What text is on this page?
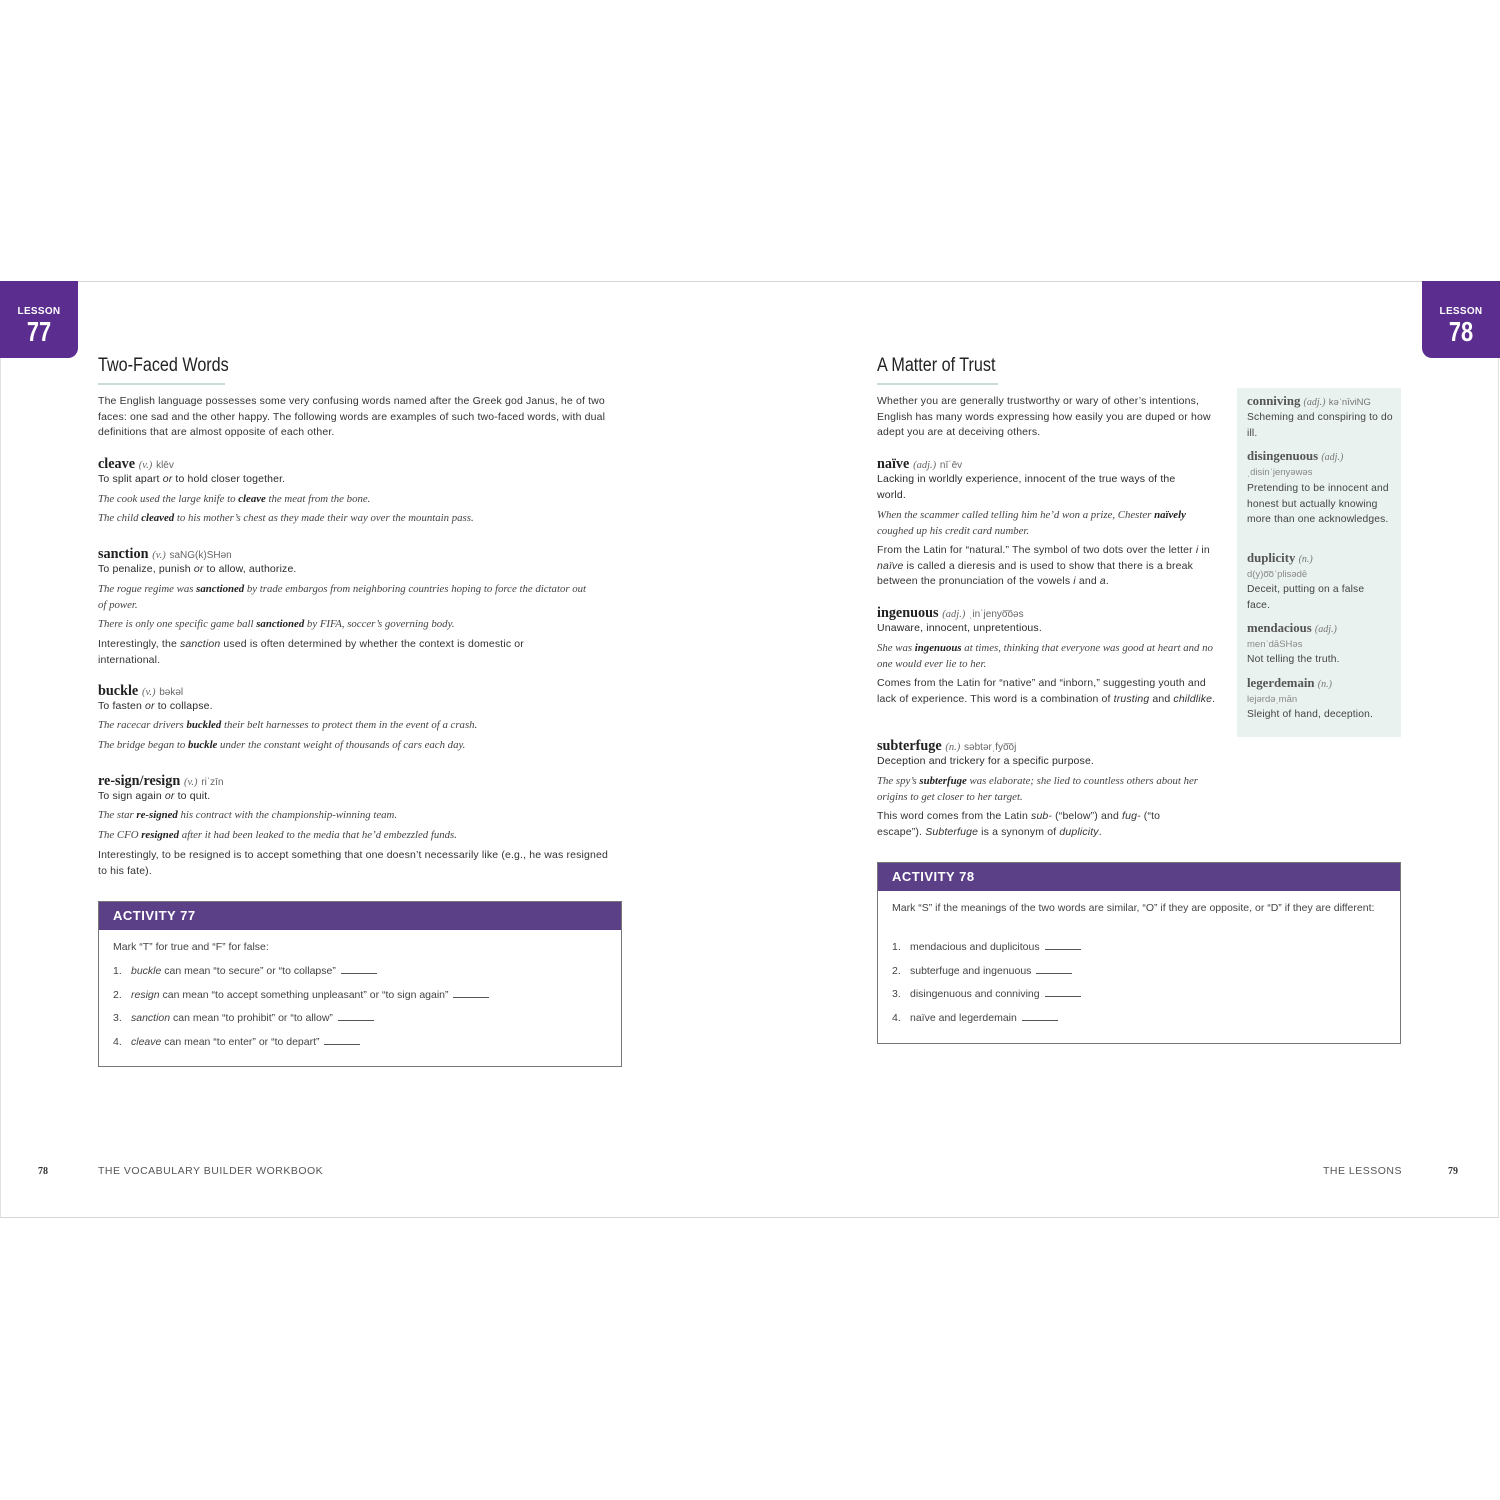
LESSON
77
Two-Faced Words
The English language possesses some very confusing words named after the Greek god Janus, he of two faces: one sad and the other happy. The following words are examples of such two-faced words, with dual definitions that are almost opposite of each other.
cleave (v.) klēv
To split apart or to hold closer together.
The cook used the large knife to cleave the meat from the bone.
The child cleaved to his mother’s chest as they made their way over the mountain pass.
sanction (v.) saNG(k)SHən
To penalize, punish or to allow, authorize.
The rogue regime was sanctioned by trade embargos from neighboring countries hoping to force the dictator out of power.
There is only one specific game ball sanctioned by FIFA, soccer’s governing body.
Interestingly, the sanction used is often determined by whether the context is domestic or international.
buckle (v.) bəkəl
To fasten or to collapse.
The racecar drivers buckled their belt harnesses to protect them in the event of a crash.
The bridge began to buckle under the constant weight of thousands of cars each day.
re-sign/resign (v.) riˈzīn
To sign again or to quit.
The star re-signed his contract with the championship-winning team.
The CFO resigned after it had been leaked to the media that he’d embezzled funds.
Interestingly, to be resigned is to accept something that one doesn’t necessarily like (e.g., he was resigned to his fate).
ACTIVITY 77
Mark “T” for true and “F” for false:
1. buckle can mean “to secure” or “to collapse”
2. resign can mean “to accept something unpleasant” or “to sign again”
3. sanction can mean “to prohibit” or “to allow”
4. cleave can mean “to enter” or “to depart”
78	THE VOCABULARY BUILDER WORKBOOK
LESSON
78
A Matter of Trust
Whether you are generally trustworthy or wary of other’s intentions, English has many words expressing how easily you are duped or how adept you are at deceiving others.
naïve (adj.) nīˈēv
Lacking in worldly experience, innocent of the true ways of the world.
When the scammer called telling him he’d won a prize, Chester naïvely coughed up his credit card number.
From the Latin for “natural.” The symbol of two dots over the letter i in naïve is called a dieresis and is used to show that there is a break between the pronunciation of the vowels i and a.
ingenuous (adj.) ˌinˈjenyo͞oəs
Unaware, innocent, unpretentious.
She was ingenuous at times, thinking that everyone was good at heart and no one would ever lie to her.
Comes from the Latin for “native” and “inborn,” suggesting youth and lack of experience. This word is a combination of trusting and childlike.
subterfuge (n.) səbtərˌfyo͞oj
Deception and trickery for a specific purpose.
The spy’s subterfuge was elaborate; she lied to countless others about her origins to get closer to her target.
This word comes from the Latin sub- (“below”) and fug- (“to escape”). Subterfuge is a synonym of duplicity.
conniving (adj.) kəˈnīviNG
Scheming and conspiring to do ill.
disingenuous (adj.)
ˌdisinˈjenyəwəs
Pretending to be innocent and honest but actually knowing more than one acknowledges.
duplicity (n.)
d(y)o͞oˈplisədē
Deceit, putting on a false face.
mendacious (adj.)
menˈdāSHəs
Not telling the truth.
legerdemain (n.)
lejərdəˌmān
Sleight of hand, deception.
ACTIVITY 78
Mark “S” if the meanings of the two words are similar, “O” if they are opposite, or “D” if they are different:
1. mendacious and duplicitous
2. subterfuge and ingenuous
3. disingenuous and conniving
4. naïve and legerdemain
THE LESSONS	79
